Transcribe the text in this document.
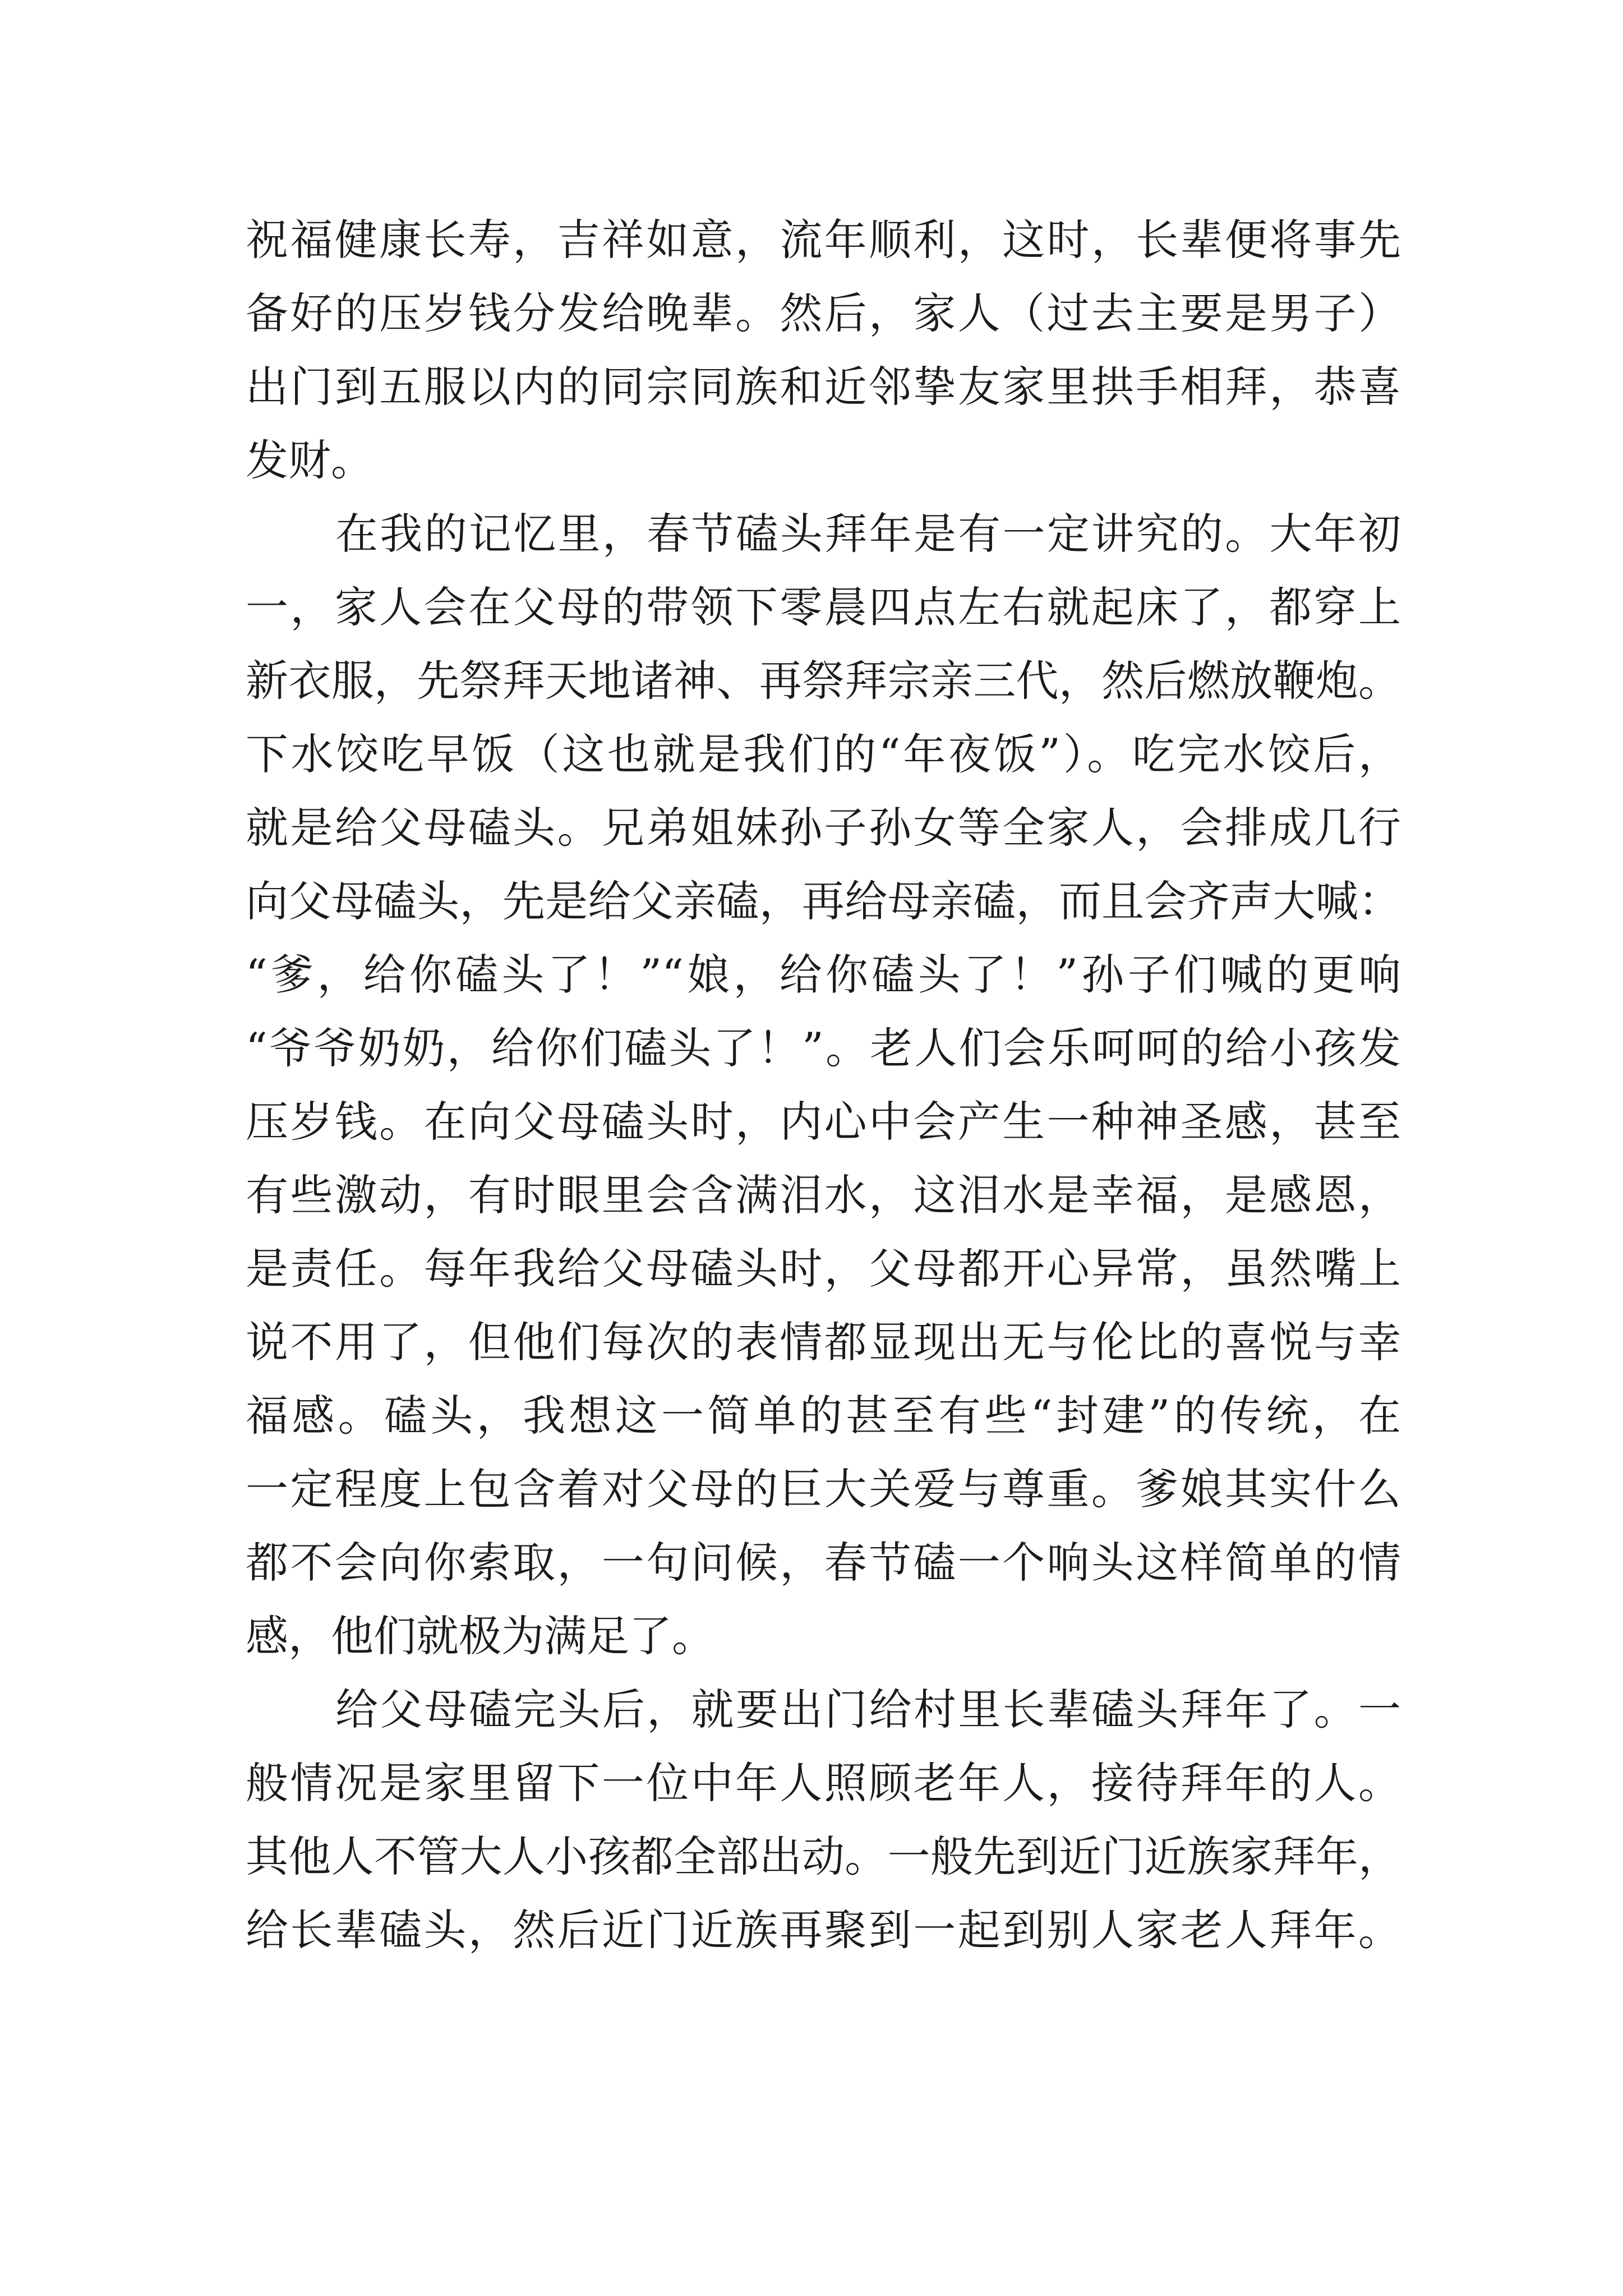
祝福健康长寿，吉祥如意，流年顺利，这时，长辈便将事先
备好的压岁钱分发给晚辈。然后，家人（过去主要是男子）
出门到五服以内的同宗同族和近邻挚友家里拱手相拜，恭喜
发财。
在我的记忆里，春节磕头拜年是有一定讲究的。大年初
一，家人会在父母的带领下零晨四点左右就起床了，都穿上
新衣服，先祭拜天地诸神、再祭拜宗亲三代，然后燃放鞭炮。
下水饺吃早饭（这也就是我们的“年夜饭”）。吃完水饺后，
就是给父母磕头。兄弟姐妹孙子孙女等全家人，会排成几行
向父母磕头，先是给父亲磕，再给母亲磕，而且会齐声大喊：
“爹，给你磕头了！”“娘，给你磕头了！”孙子们喊的更响
“爷爷奶奶，给你们磕头了！”。老人们会乐呵呵的给小孩发
压岁钱。在向父母磕头时，内心中会产生一种神圣感，甚至
有些激动，有时眼里会含满泪水，这泪水是幸福，是感恩，
是责任。每年我给父母磕头时，父母都开心异常，虽然嘴上
说不用了，但他们每次的表情都显现出无与伦比的喜悦与幸
福感。磕头，我想这一简单的甚至有些“封建”的传统，在
一定程度上包含着对父母的巨大关爱与尊重。爹娘其实什么
都不会向你索取，一句问候，春节磕一个响头这样简单的情
感，他们就极为满足了。
给父母磕完头后，就要出门给村里长辈磕头拜年了。一
般情况是家里留下一位中年人照顾老年人，接待拜年的人。
其他人不管大人小孩都全部出动。一般先到近门近族家拜年，
给长辈磕头，然后近门近族再聚到一起到别人家老人拜年。
